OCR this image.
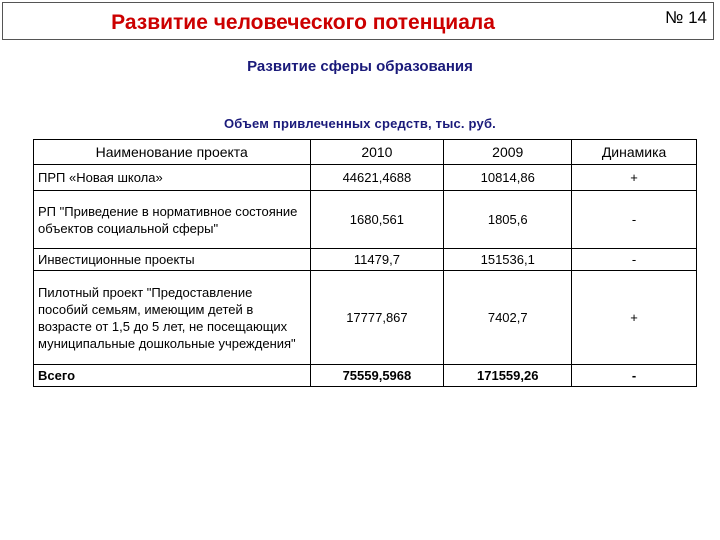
Развитие человеческого потенциала	№ 14
Развитие сферы образования
Объем привлеченных средств, тыс. руб.
Наименование проекта	2010	2009	Динамика
ПРП «Новая школа»	44621,4688	10814,86	+
РП "Приведение в нормативное состояние объектов социальной сферы"	1680,561	1805,6	-
Инвестиционные проекты	11479,7	151536,1	-
Пилотный проект "Предоставление пособий семьям, имеющим детей в возрасте от 1,5 до 5 лет, не посещающих муниципальные дошкольные учреждения"	17777,867	7402,7	+
Всего	75559,5968	171559,26	-
